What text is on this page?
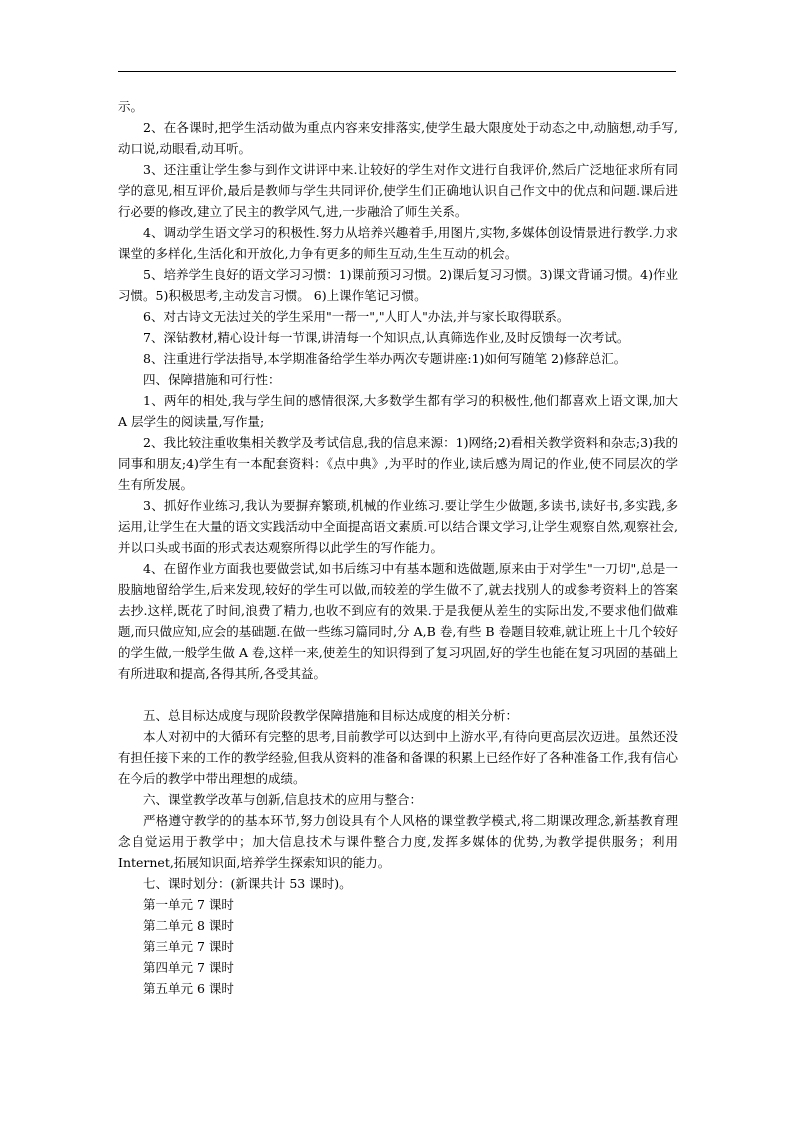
示。

2、在各课时,把学生活动做为重点内容来安排落实,使学生最大限度处于动态之中,动脑想,动手写,动口说,动眼看,动耳听。

3、还注重让学生参与到作文讲评中来.让较好的学生对作文进行自我评价,然后广泛地征求所有同学的意见,相互评价,最后是教师与学生共同评价,使学生们正确地认识自己作文中的优点和问题.课后进行必要的修改,建立了民主的教学风气,进,一步融洽了师生关系。

4、调动学生语文学习的积极性.努力从培养兴趣着手,用图片,实物,多媒体创设情景进行教学.力求课堂的多样化,生活化和开放化,力争有更多的师生互动,生生互动的机会。

5、培养学生良好的语文学习习惯：1)课前预习习惯。2)课后复习习惯。3)课文背诵习惯。4)作业习惯。5)积极思考,主动发言习惯。 6)上课作笔记习惯。

6、对古诗文无法过关的学生采用"一帮一","人盯人"办法,并与家长取得联系。

7、深钻教材,精心设计每一节课,讲清每一个知识点,认真筛选作业,及时反馈每一次考试。

8、注重进行学法指导,本学期准备给学生举办两次专题讲座:1)如何写随笔 2)修辞总汇。

四、保障措施和可行性：

1、两年的相处,我与学生间的感情很深,大多数学生都有学习的积极性,他们都喜欢上语文课,加大 A 层学生的阅读量,写作量;

2、我比较注重收集相关教学及考试信息,我的信息来源：1)网络;2)看相关教学资料和杂志;3)我的同事和朋友;4)学生有一本配套资料：《点中典》,为平时的作业,读后感为周记的作业,使不同层次的学生有所发展。

3、抓好作业练习,我认为要摒弃繁琐,机械的作业练习.要让学生少做题,多读书,读好书,多实践,多运用,让学生在大量的语文实践活动中全面提高语文素质.可以结合课文学习,让学生观察自然,观察社会,并以口头或书面的形式表达观察所得以此学生的写作能力。

4、在留作业方面我也要做尝试,如书后练习中有基本题和选做题,原来由于对学生"一刀切",总是一股脑地留给学生,后来发现,较好的学生可以做,而较差的学生做不了,就去找别人的或参考资料上的答案去抄.这样,既花了时间,浪费了精力,也收不到应有的效果.于是我便从差生的实际出发,不要求他们做难题,而只做应知,应会的基础题.在做一些练习篇同时,分 A,B 卷,有些 B 卷题目较难,就让班上十几个较好的学生做,一般学生做 A 卷,这样一来,使差生的知识得到了复习巩固,好的学生也能在复习巩固的基础上有所进取和提高,各得其所,各受其益。

五、总目标达成度与现阶段教学保障措施和目标达成度的相关分析：

本人对初中的大循环有完整的思考,目前教学可以达到中上游水平,有待向更高层次迈进。虽然还没有担任接下来的工作的教学经验,但我从资料的准备和备课的积累上已经作好了各种准备工作,我有信心在今后的教学中带出理想的成绩。

六、课堂教学改革与创新,信息技术的应用与整合：

严格遵守教学的的基本环节,努力创设具有个人风格的课堂教学模式,将二期课改理念,新基教育理念自觉运用于教学中；加大信息技术与课件整合力度,发挥多媒体的优势,为教学提供服务；利用 Internet,拓展知识面,培养学生探索知识的能力。

七、课时划分：(新课共计 53 课时)。

第一单元 7 课时

第二单元 8 课时

第三单元 7 课时

第四单元 7 课时

第五单元 6 课时
